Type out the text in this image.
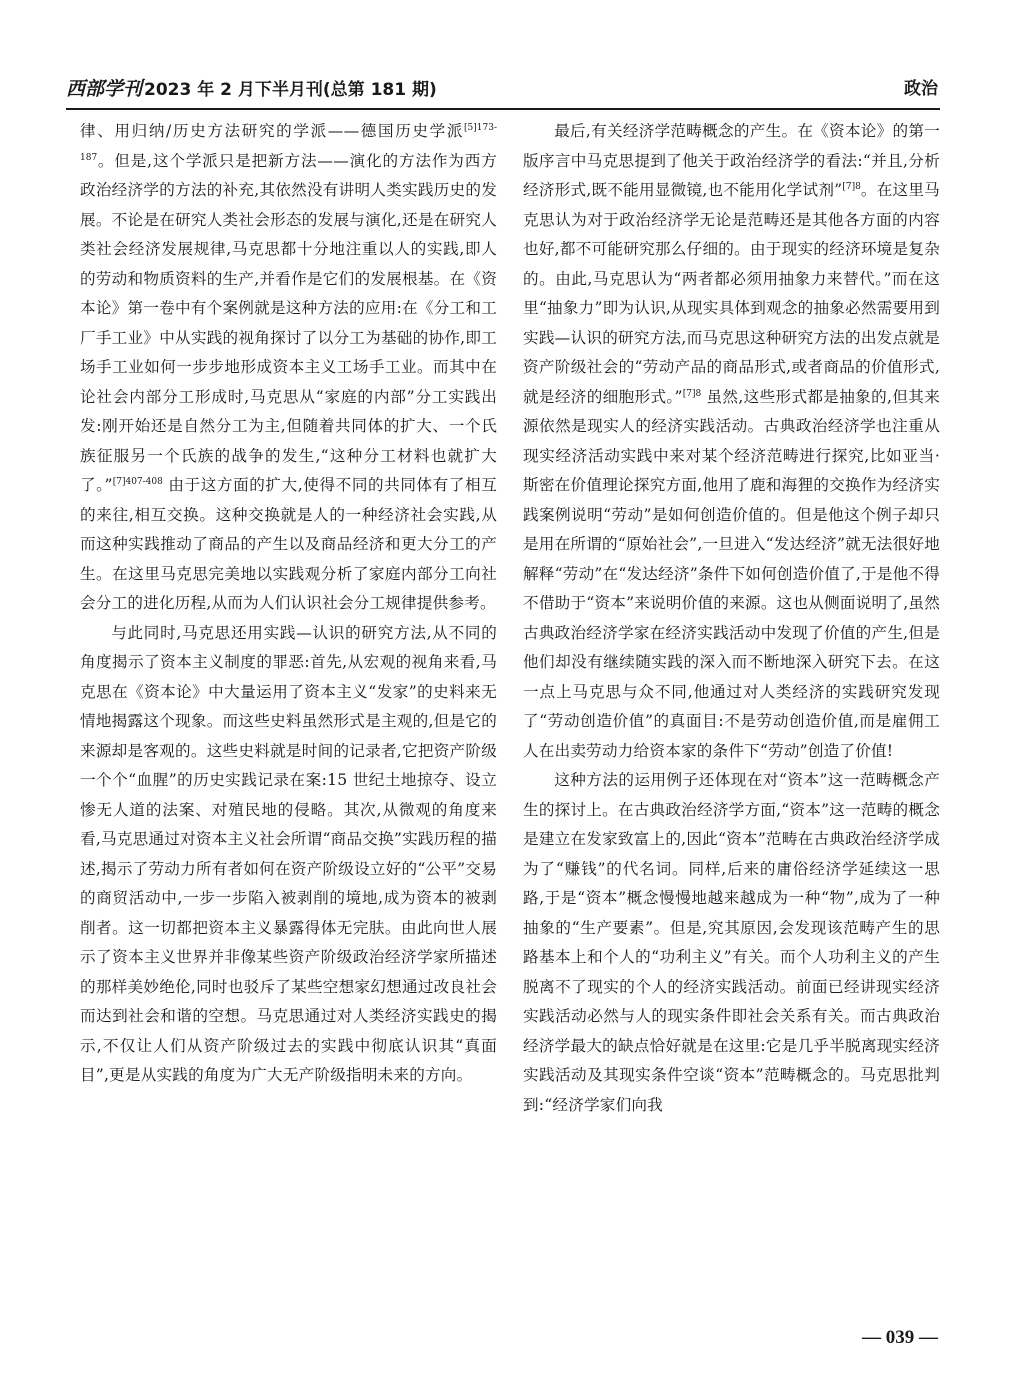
西部学刊 2023 年 2 月下半月刊(总第 181 期)	政治

律、用归纳/历史方法研究的学派——德国历史学派$^{[5]173-187}$。但是,这个学派只是把新方法——演化的方法作为西方政治经济学的方法的补充,其依然没有讲明人类实践历史的发展。不论是在研究人类社会形态的发展与演化,还是在研究人类社会经济发展规律,马克思都十分地注重以人的实践,即人的劳动和物质资料的生产,并看作是它们的发展根基。在《资本论》第一卷中有个案例就是这种方法的应用:在《分工和工厂手工业》中从实践的视角探讨了以分工为基础的协作,即工场手工业如何一步步地形成资本主义工场手工业。而其中在论社会内部分工形成时,马克思从“家庭的内部”分工实践出发:刚开始还是自然分工为主,但随着共同体的扩大、一个氏族征服另一个氏族的战争的发生,“这种分工材料也就扩大了。”$^{[7]407-408}$ 由于这方面的扩大,使得不同的共同体有了相互的来往,相互交换。这种交换就是人的一种经济社会实践,从而这种实践推动了商品的产生以及商品经济和更大分工的产生。在这里马克思完美地以实践观分析了家庭内部分工向社会分工的进化历程,从而为人们认识社会分工规律提供参考。

与此同时,马克思还用实践—认识的研究方法,从不同的角度揭示了资本主义制度的罪恶:首先,从宏观的视角来看,马克思在《资本论》中大量运用了资本主义“发家”的史料来无情地揭露这个现象。而这些史料虽然形式是主观的,但是它的来源却是客观的。这些史料就是时间的记录者,它把资产阶级一个个“血腥”的历史实践记录在案:15 世纪土地掠夺、设立惨无人道的法案、对殖民地的侵略。其次,从微观的角度来看,马克思通过对资本主义社会所谓“商品交换”实践历程的描述,揭示了劳动力所有者如何在资产阶级设立好的“公平”交易的商贸活动中,一步一步陷入被剥削的境地,成为资本的被剥削者。这一切都把资本主义暴露得体无完肤。由此向世人展示了资本主义世界并非像某些资产阶级政治经济学家所描述的那样美妙绝伦,同时也驳斥了某些空想家幻想通过改良社会而达到社会和谐的空想。马克思通过对人类经济实践史的揭示,不仅让人们从资产阶级过去的实践中彻底认识其“真面目”,更是从实践的角度为广大无产阶级指明未来的方向。

最后,有关经济学范畴概念的产生。在《资本论》的第一版序言中马克思提到了他关于政治经济学的看法:“并且,分析经济形式,既不能用显微镜,也不能用化学试剂”$^{[7]8}$。在这里马克思认为对于政治经济学无论是范畴还是其他各方面的内容也好,都不可能研究那么仔细的。由于现实的经济环境是复杂的。由此,马克思认为“两者都必须用抽象力来替代。”而在这里“抽象力”即为认识,从现实具体到观念的抽象必然需要用到实践—认识的研究方法,而马克思这种研究方法的出发点就是资产阶级社会的“劳动产品的商品形式,或者商品的价值形式,就是经济的细胞形式。”$^{[7]8}$ 虽然,这些形式都是抽象的,但其来源依然是现实人的经济实践活动。古典政治经济学也注重从现实经济活动实践中来对某个经济范畴进行探究,比如亚当·斯密在价值理论探究方面,他用了鹿和海狸的交换作为经济实践案例说明“劳动”是如何创造价值的。但是他这个例子却只是用在所谓的“原始社会”,一旦进入“发达经济”就无法很好地解释“劳动”在“发达经济”条件下如何创造价值了,于是他不得不借助于“资本”来说明价值的来源。这也从侧面说明了,虽然古典政治经济学家在经济实践活动中发现了价值的产生,但是他们却没有继续随实践的深入而不断地深入研究下去。在这一点上马克思与众不同,他通过对人类经济的实践研究发现了“劳动创造价值”的真面目:不是劳动创造价值,而是雇佣工人在出卖劳动力给资本家的条件下“劳动”创造了价值!

这种方法的运用例子还体现在对“资本”这一范畴概念产生的探讨上。在古典政治经济学方面,“资本”这一范畴的概念是建立在发家致富上的,因此“资本”范畴在古典政治经济学成为了“赚钱”的代名词。同样,后来的庸俗经济学延续这一思路,于是“资本”概念慢慢地越来越成为一种“物”,成为了一种抽象的“生产要素”。但是,究其原因,会发现该范畴产生的思路基本上和个人的“功利主义”有关。而个人功利主义的产生脱离不了现实的个人的经济实践活动。前面已经讲现实经济实践活动必然与人的现实条件即社会关系有关。而古典政治经济学最大的缺点恰好就是在这里:它是几乎半脱离现实经济实践活动及其现实条件空谈“资本”范畴概念的。马克思批判到:“经济学家们向我

— 039 —
